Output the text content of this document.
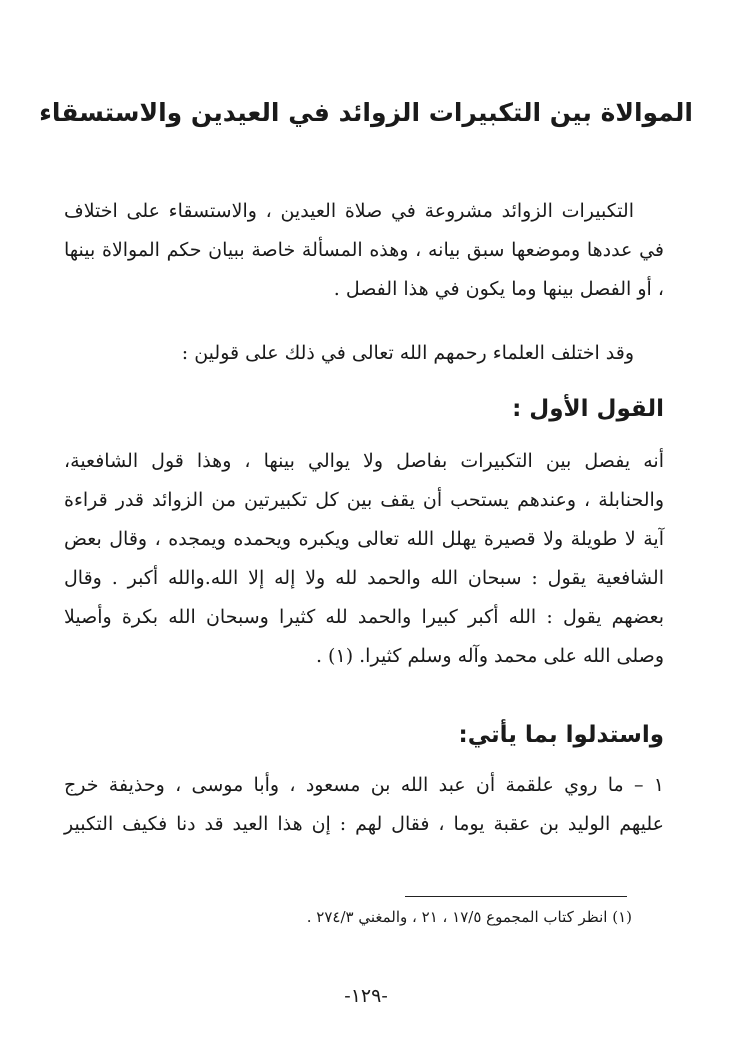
الموالاة بين التكبيرات الزوائد في العيدين والاستسقاء
التكبيرات الزوائد مشروعة في صلاة العيدين ، والاستسقاء على اختلاف
في عددها وموضعها سبق بيانه ، وهذه المسألة خاصة ببيان حكم الموالاة بينها
، أو الفصل بينها وما يكون في هذا الفصل .
وقد اختلف العلماء رحمهم الله تعالى في ذلك على قولين :
القول الأول :
أنه يفصل بين التكبيرات بفاصل ولا يوالي بينها ، وهذا قول الشافعية،
والحنابلة ، وعندهم يستحب أن يقف بين كل تكبيرتين من الزوائد قدر قراءة
آية لا طويلة ولا قصيرة يهلل الله تعالى ويكبره ويحمده ويمجده ، وقال بعض
الشافعية يقول : سبحان الله والحمد لله ولا إله إلا الله.والله أكبر . وقال
بعضهم يقول : الله أكبر كبيرا والحمد لله كثيرا وسبحان الله بكرة وأصيلا
وصلى الله على محمد وآله وسلم كثيرا. (١) .
واستدلوا بما يأتي:
١ – ما روي علقمة أن عبد الله بن مسعود ، وأبا موسى ، وحذيفة خرج
عليهم الوليد بن عقبة يوما ، فقال لهم : إن هذا العيد قد دنا فكيف التكبير
(١) انظر كتاب المجموع ١٧/٥ ، ٢١ ، والمغني ٢٧٤/٣ .
-١٢٩-
